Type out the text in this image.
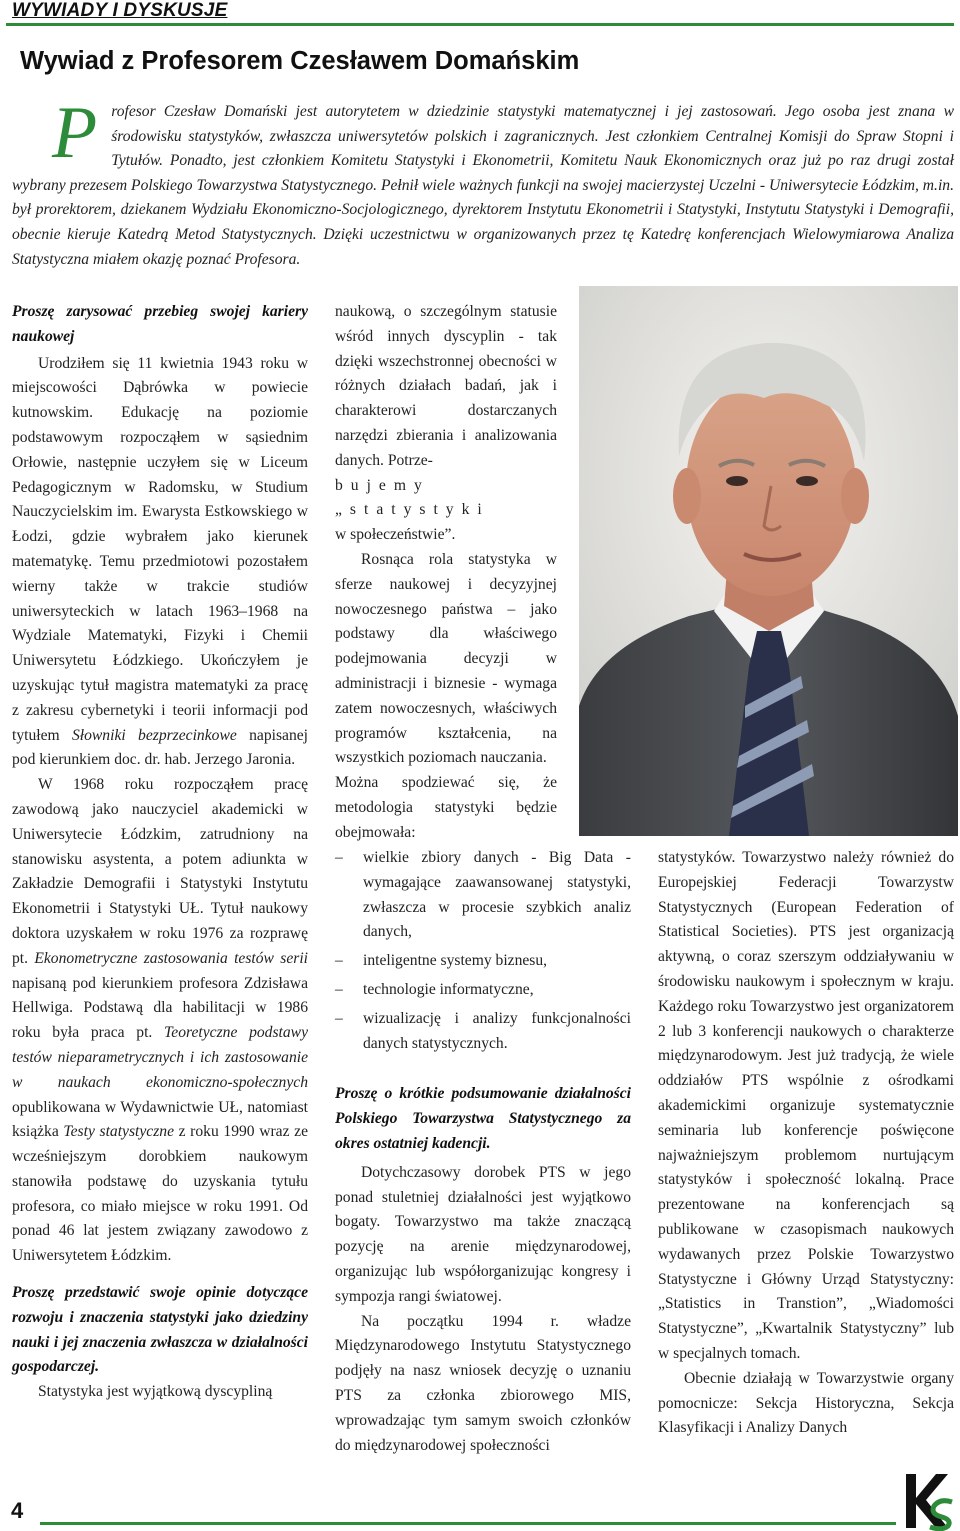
WYWIADY I DYSKUSJE
Wywiad z Profesorem Czesławem Domańskim

Profesor Czesław Domański jest autorytetem w dziedzinie statystyki matematycznej i jej zastosowań. Jego osoba jest znana w środowisku statystyków, zwłaszcza uniwersytetów polskich i zagranicznych. Jest członkiem Centralnej Komisji do Spraw Stopni i Tytułów. Ponadto, jest członkiem Komitetu Statystyki i Ekonometrii, Komitetu Nauk Ekonomicznych oraz już po raz drugi został wybrany prezesem Polskiego Towarzystwa Statystycznego. Pełnił wiele ważnych funkcji na swojej macierzystej Uczelni - Uniwersytecie Łódzkim, m.in. był prorektorem, dziekanem Wydziału Ekonomiczno-Socjologicznego, dyrektorem Instytutu Ekonometrii i Statystyki, Instytutu Statystyki i Demografii, obecnie kieruje Katedrą Metod Statystycznych. Dzięki uczestnictwu w organizowanych przez tę Katedrę konferencjach Wielowymiarowa Analiza Statystyczna miałem okazję poznać Profesora.

Proszę zarysować przebieg swojej kariery naukowej

Urodziłem się 11 kwietnia 1943 roku w miejscowości Dąbrówka w powiecie kutnowskim. Edukację na poziomie podstawowym rozpocząłem w sąsiednim Orłowie, następnie uczyłem się w Liceum Pedagogicznym w Radomsku, w Studium Nauczycielskim im. Ewarysta Estkowskiego w Łodzi, gdzie wybrałem jako kierunek matematykę. Temu przedmiotowi pozostałem wierny także w trakcie studiów uniwersyteckich w latach 1963–1968 na Wydziale Matematyki, Fizyki i Chemii Uniwersytetu Łódzkiego. Ukończyłem je uzyskując tytuł magistra matematyki za pracę z zakresu cybernetyki i teorii informacji pod tytułem Słowniki bezprzecinkowe napisanej pod kierunkiem doc. dr. hab. Jerzego Jaronia.

W 1968 roku rozpocząłem pracę zawodową jako nauczyciel akademicki w Uniwersytecie Łódzkim, zatrudniony na stanowisku asystenta, a potem adiunkta w Zakładzie Demografii i Statystyki Instytutu Ekonometrii i Statystyki UŁ. Tytuł naukowy doktora uzyskałem w roku 1976 za rozprawę pt. Ekonometryczne zastosowania testów serii napisaną pod kierunkiem profesora Zdzisława Hellwiga. Podstawą dla habilitacji w 1986 roku była praca pt. Teoretyczne podstawy testów nieparametrycznych i ich zastosowanie w naukach ekonomiczno-społecznych opublikowana w Wydawnictwie UŁ, natomiast książka Testy statystyczne z roku 1990 wraz ze wcześniejszym dorobkiem naukowym stanowiła podstawę do uzyskania tytułu profesora, co miało miejsce w roku 1991. Od ponad 46 lat jestem związany zawodowo z Uniwersytetem Łódzkim.

Proszę przedstawić swoje opinie dotyczące rozwoju i znaczenia statystyki jako dziedziny nauki i jej znaczenia zwłaszcza w działalności gospodarczej.

Statystyka jest wyjątkową dyscypliną

naukową, o szczególnym statusie wśród innych dyscyplin - tak dzięki wszechstronnej obecności w różnych działach badań, jak i charakterowi dostarczanych narzędzi zbierania i analizowania danych. Potrze-

bujemy „statystyki

w społeczeństwie”.

Rosnąca rola statystyka w sferze naukowej i decyzyjnej nowoczesnego państwa – jako podstawy dla właściwego podejmowania decyzji w administracji i biznesie - wymaga zatem nowoczesnych, właściwych programów kształcenia, na wszystkich poziomach nauczania.

Można spodziewać się, że metodologia statystyki będzie obejmowała:

– wielkie zbiory danych - Big Data - wymagające zaawansowanej statystyki, zwłaszcza w procesie szybkich analiz danych,
– inteligentne systemy biznesu,
– technologie informatyczne,
– wizualizację i analizy funkcjonalności danych statystycznych.

Proszę o krótkie podsumowanie działalności Polskiego Towarzystwa Statystycznego za okres ostatniej kadencji.

Dotychczasowy dorobek PTS w jego ponad stuletniej działalności jest wyjątkowo bogaty. Towarzystwo ma także znaczącą pozycję na arenie międzynarodowej, organizując lub współorganizując kongresy i sympozja rangi światowej.

Na początku 1994 r. władze Międzynarodowego Instytutu Statystycznego podjęły na nasz wniosek decyzję o uznaniu PTS za członka zbiorowego MIS, wprowadzając tym samym swoich członków do międzynarodowej społeczności

statystyków. Towarzystwo należy również do Europejskiej Federacji Towarzystw Statystycznych (European Federation of Statistical Societies). PTS jest organizacją aktywną, o coraz szerszym oddziaływaniu w środowisku naukowym i społecznym w kraju. Każdego roku Towarzystwo jest organizatorem 2 lub 3 konferencji naukowych o charakterze międzynarodowym. Jest już tradycją, że wiele oddziałów PTS wspólnie z ośrodkami akademickimi organizuje systematycznie seminaria lub konferencje poświęcone najważniejszym problemom nurtującym statystyków i społeczność lokalną. Prace prezentowane na konferencjach są publikowane w czasopismach naukowych wydawanych przez Polskie Towarzystwo Statystyczne i Główny Urząd Statystyczny: „Statistics in Transtion”, „Wiadomości Statystyczne”, „Kwartalnik Statystyczny” lub w specjalnych tomach.

Obecnie działają w Towarzystwie organy pomocnicze: Sekcja Historyczna, Sekcja Klasyfikacji i Analizy Danych

4
